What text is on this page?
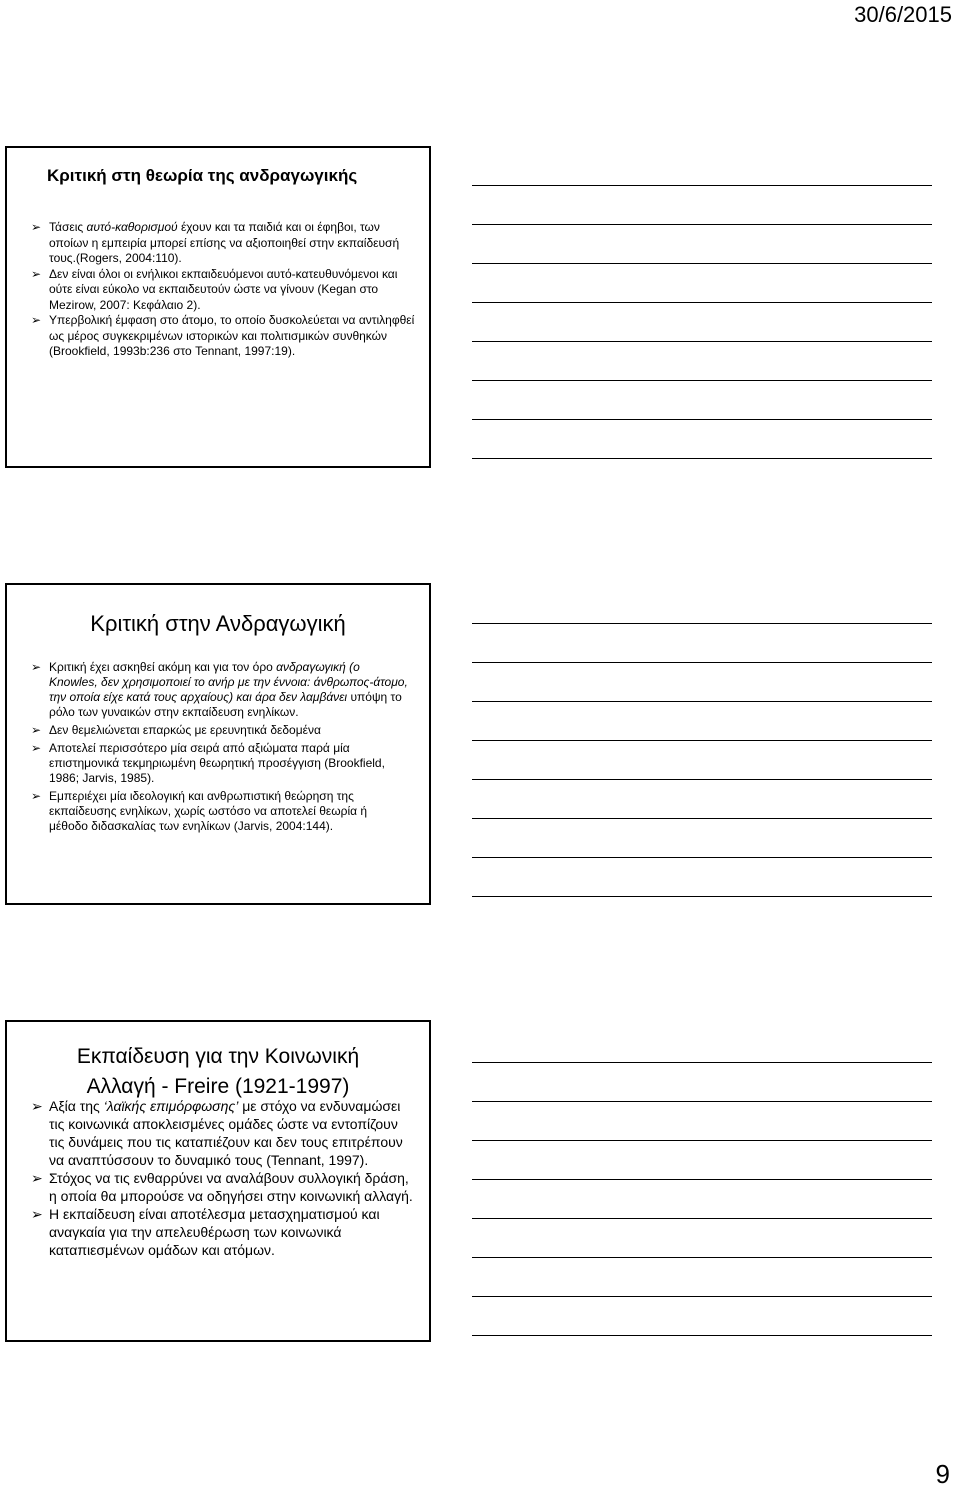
30/6/2015
Κριτική στη θεωρία της ανδραγωγικής
➢ Τάσεις αυτό-καθορισμού έχουν και τα παιδιά και οι έφηβοι, των οποίων η εμπειρία μπορεί επίσης να αξιοποιηθεί στην εκπαίδευσή τους.(Rogers, 2004:110).
➢ Δεν είναι όλοι οι ενήλικοι εκπαιδευόμενοι αυτό-κατευθυνόμενοι και ούτε είναι εύκολο να εκπαιδευτούν ώστε να γίνουν (Kegan στο Mezirow, 2007: Κεφάλαιο 2).
➢ Υπερβολική έμφαση στο άτομο, το οποίο δυσκολεύεται να αντιληφθεί ως μέρος συγκεκριμένων ιστορικών και πολιτισμικών συνθηκών (Brookfield, 1993b:236 στο Tennant, 1997:19).
Κριτική στην Ανδραγωγική
➢ Κριτική έχει ασκηθεί ακόμη και για τον όρο ανδραγωγική (ο Knowles, δεν χρησιμοποιεί το ανήρ με την έννοια: άνθρωπος-άτομο, την οποία είχε κατά τους αρχαίους) και άρα δεν λαμβάνει υπόψη το ρόλο των γυναικών στην εκπαίδευση ενηλίκων.
➢ Δεν θεμελιώνεται επαρκώς με ερευνητικά δεδομένα
➢ Αποτελεί περισσότερο μία σειρά από αξιώματα παρά μία επιστημονικά τεκμηριωμένη θεωρητική προσέγγιση (Brookfield, 1986; Jarvis, 1985).
➢ Εμπεριέχει μία ιδεολογική και ανθρωπιστική θεώρηση της εκπαίδευσης ενηλίκων, χωρίς ωστόσο να αποτελεί θεωρία ή μέθοδο διδασκαλίας των ενηλίκων (Jarvis, 2004:144).
Εκπαίδευση για την Κοινωνική
Αλλαγή - Freire (1921-1997)
➢ Αξία της ‘λαϊκής επιμόρφωσης’ με στόχο να ενδυναμώσει τις κοινωνικά αποκλεισμένες ομάδες ώστε να εντοπίζουν τις δυνάμεις που τις καταπιέζουν και δεν τους επιτρέπουν να αναπτύσσουν το δυναμικό τους (Tennant, 1997).
➢ Στόχος να τις ενθαρρύνει να αναλάβουν συλλογική δράση, η οποία θα μπορούσε να οδηγήσει στην κοινωνική αλλαγή.
➢ Η εκπαίδευση είναι αποτέλεσμα μετασχηματισμού και αναγκαία για την απελευθέρωση των κοινωνικά καταπιεσμένων ομάδων και ατόμων.
9
